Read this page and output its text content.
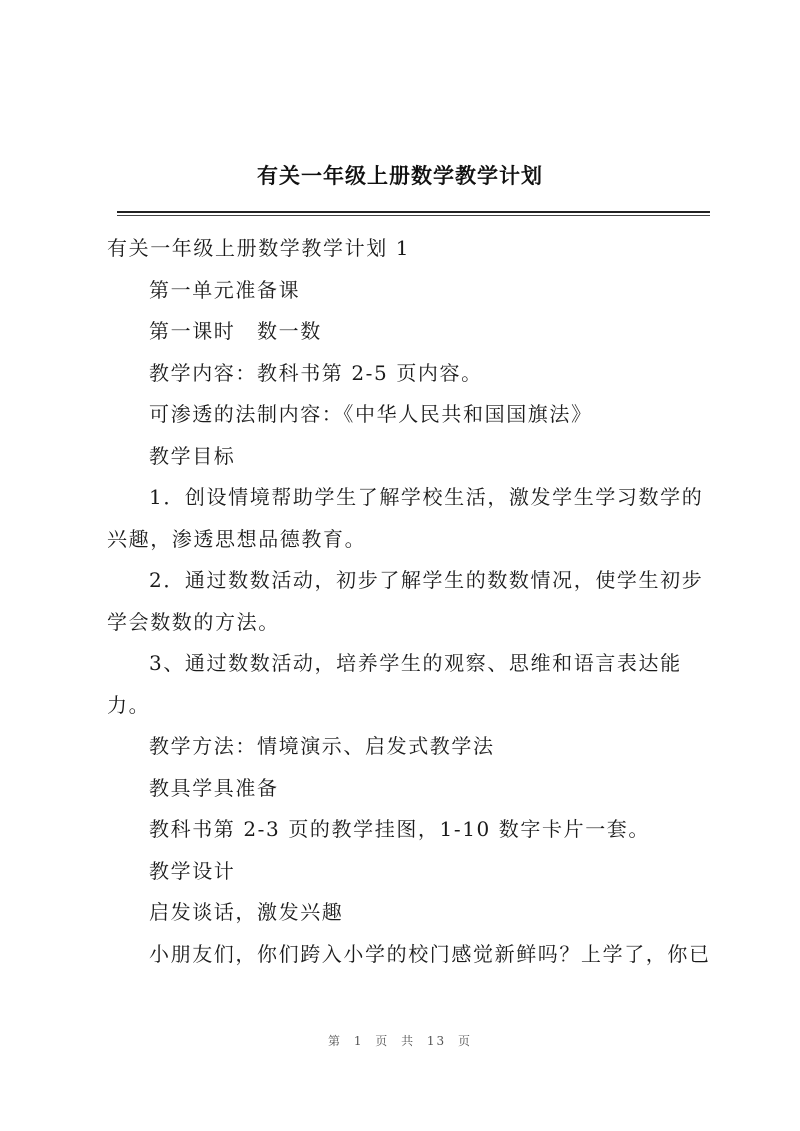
有关一年级上册数学教学计划

有关一年级上册数学教学计划 1

第一单元准备课

第一课时　数一数

教学内容：教科书第 2-5 页内容。

可渗透的法制内容：《中华人民共和国国旗法》

教学目标

1．创设情境帮助学生了解学校生活，激发学生学习数学的兴趣，渗透思想品德教育。

2．通过数数活动，初步了解学生的数数情况，使学生初步学会数数的方法。

3、通过数数活动，培养学生的观察、思维和语言表达能力。

教学方法：情境演示、启发式教学法

教具学具准备

教科书第 2-3 页的教学挂图，1-10 数字卡片一套。

教学设计

启发谈话，激发兴趣

小朋友们，你们跨入小学的校门感觉新鲜吗？上学了，你已

第 1 页 共 13 页
